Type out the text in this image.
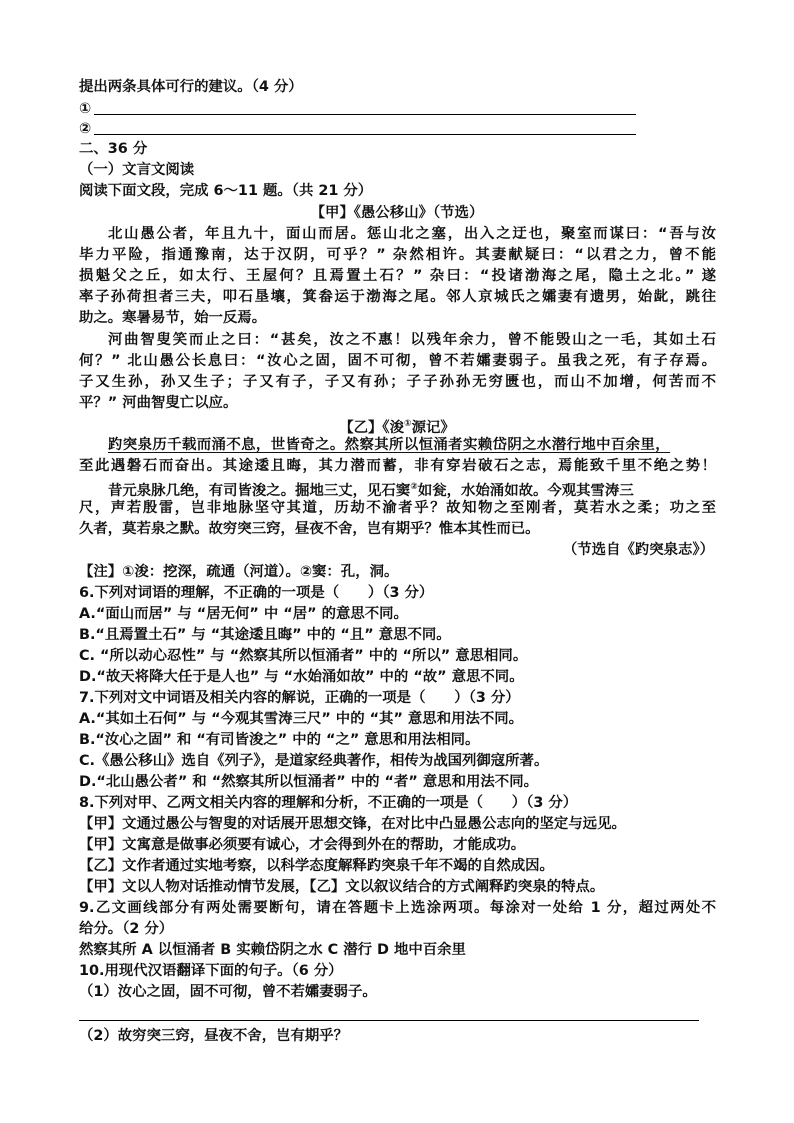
提出两条具体可行的建议。（4 分）
①
②
二、36 分
（一）文言文阅读
阅读下面文段，完成 6～11 题。（共 21 分）
【甲】《愚公移山》（节选）
北山愚公者，年且九十，面山而居。惩山北之塞，出入之迂也，聚室而谋曰：“吾与汝
毕力平险，指通豫南，达于汉阴，可乎？” 杂然相许。其妻献疑曰：“以君之力，曾不能
损魁父之丘，如太行、王屋何？且焉置土石？” 杂曰：“投诸渤海之尾，隐土之北。” 遂
率子孙荷担者三夫，叩石垦壤，箕畚运于渤海之尾。邻人京城氏之孀妻有遗男，始龀，跳往
助之。寒暑易节，始一反焉。
河曲智叟笑而止之曰：“甚矣，汝之不惠！以残年余力，曾不能毁山之一毛，其如土石
何？” 北山愚公长息曰：“汝心之固，固不可彻，曾不若孀妻弱子。虽我之死，有子存焉。
子又生孙，孙又生子；子又有子，子又有孙；子子孙孙无穷匮也，而山不加增，何苦而不
平？” 河曲智叟亡以应。
【乙】《浚①源记》
趵突泉历千载而涌不息，世皆奇之。然察其所以恒涌者实赖岱阴之水潜行地中百余里，
至此遇磐石而奋出。其途逶且晦，其力潜而蓄，非有穿岩破石之志，焉能致千里不绝之势！
昔元泉脉几绝，有司皆浚之。掘地三丈，见石窦②如瓮，水始涌如故。今观其雪涛三
尺，声若殷雷，岂非地脉坚守其道，历劫不渝者乎？故知物之至刚者，莫若水之柔；功之至
久者，莫若泉之默。故穷突三窍，昼夜不舍，岂有期乎？惟本其性而已。
（节选自《趵突泉志》）
【注】①浚：挖深，疏通（河道）。②窦：孔，洞。
6.下列对词语的理解，不正确的一项是（　　）（3 分）
A.“面山而居” 与 “居无何” 中 “居” 的意思不同。
B.“且焉置土石” 与 “其途逶且晦” 中的 “且” 意思不同。
C. “所以动心忍性” 与 “然察其所以恒涌者” 中的 “所以” 意思相同。
D.“故天将降大任于是人也” 与 “水始涌如故” 中的 “故” 意思不同。
7.下列对文中词语及相关内容的解说，正确的一项是（　　）（3 分）
A.“其如土石何” 与 “今观其雪涛三尺” 中的 “其” 意思和用法不同。
B.“汝心之固” 和 “有司皆浚之” 中的 “之” 意思和用法相同。
C.《愚公移山》选自《列子》，是道家经典著作，相传为战国列御寇所著。
D.“北山愚公者” 和 “然察其所以恒涌者” 中的 “者” 意思和用法不同。
8.下列对甲、乙两文相关内容的理解和分析，不正确的一项是（　　）（3 分）
【甲】文通过愚公与智叟的对话展开思想交锋，在对比中凸显愚公志向的坚定与远见。
【甲】文寓意是做事必须要有诚心，才会得到外在的帮助，才能成功。
【乙】文作者通过实地考察，以科学态度解释趵突泉千年不竭的自然成因。
【甲】文以人物对话推动情节发展，【乙】文以叙议结合的方式阐释趵突泉的特点。
9.乙文画线部分有两处需要断句，请在答题卡上选涂两项。每涂对一处给 1 分，超过两处不
给分。（2 分）
然察其所 A 以恒涌者 B 实赖岱阴之水 C 潜行 D 地中百余里
10.用现代汉语翻译下面的句子。（6 分）
（1）汝心之固，固不可彻，曾不若孀妻弱子。
（2）故穷突三窍，昼夜不舍，岂有期乎？
